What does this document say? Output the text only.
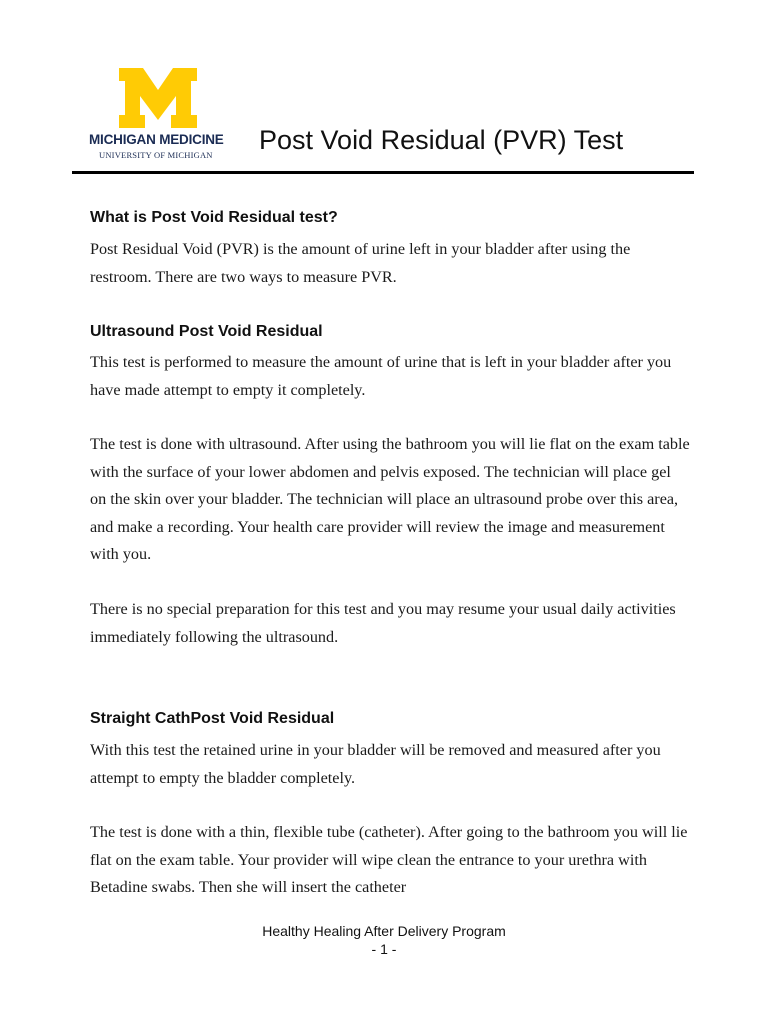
MICHIGAN MEDICINE
UNIVERSITY OF MICHIGAN	Post Void Residual (PVR) Test
What is Post Void Residual test?

Post Residual Void (PVR) is the amount of urine left in your bladder after using the restroom. There are two ways to measure PVR.

Ultrasound Post Void Residual

This test is performed to measure the amount of urine that is left in your bladder after you have made attempt to empty it completely.

The test is done with ultrasound. After using the bathroom you will lie flat on the exam table with the surface of your lower abdomen and pelvis exposed. The technician will place gel on the skin over your bladder. The technician will place an ultrasound probe over this area, and make a recording. Your health care provider will review the image and measurement with you.

There is no special preparation for this test and you may resume your usual daily activities immediately following the ultrasound.

Straight CathPost Void Residual

With this test the retained urine in your bladder will be removed and measured after you attempt to empty the bladder completely.

The test is done with a thin, flexible tube (catheter). After going to the bathroom you will lie flat on the exam table. Your provider will wipe clean the entrance to your urethra with Betadine swabs. Then she will insert the catheter

Healthy Healing After Delivery Program
- 1 -
